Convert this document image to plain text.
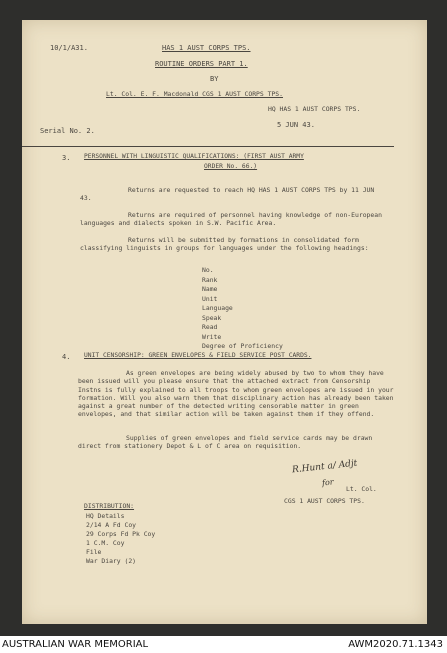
10/1/A31.	HAS 1 AUST CORPS TPS.

ROUTINE ORDERS PART 1.

BY

Lt. Col. E. F. Macdonald CGS 1 AUST CORPS TPS.

HQ HAS 1 AUST CORPS TPS.

5 JUN 43.

Serial No. 2.

3. PERSONNEL WITH LINGUISTIC QUALIFICATIONS: (FIRST AUST ARMY

ORDER No. 66.)

Returns are requested to reach HQ HAS 1 AUST CORPS TPS by 11 JUN 43.

Returns are required of personnel having knowledge of non-European languages and dialects spoken in S.W. Pacific Area.

Returns will be submitted by formations in consolidated form classifying linguists in groups for languages under the following headings:

No.

Rank

Name

Unit

Language

Speak

Read

Write

Degree of Proficiency

4. UNIT CENSORSHIP: GREEN ENVELOPES & FIELD SERVICE POST CARDS.

As green envelopes are being widely abused by two to whom they have been issued will you please ensure that the attached extract from Censorship Instns is fully explained to all troops to whom green envelopes are issued in your formation. Will you also warn them that disciplinary action has already been taken against a great number of the detected writing censorable matter in green envelopes, and that similar action will be taken against them if they offend.

Supplies of green envelopes and field service cards may be drawn direct from stationery Depot & L of C area on requisition.

R.Hunt a/ Adjt

for

Lt. Col.

CGS 1 AUST CORPS TPS.

DISTRIBUTION:

HQ Details

2/14 A Fd Coy

29 Corps Fd Pk Coy

1 C.M. Coy

File

War Diary (2)

AUSTRALIAN WAR MEMORIAL	AWM2020.71.1343
